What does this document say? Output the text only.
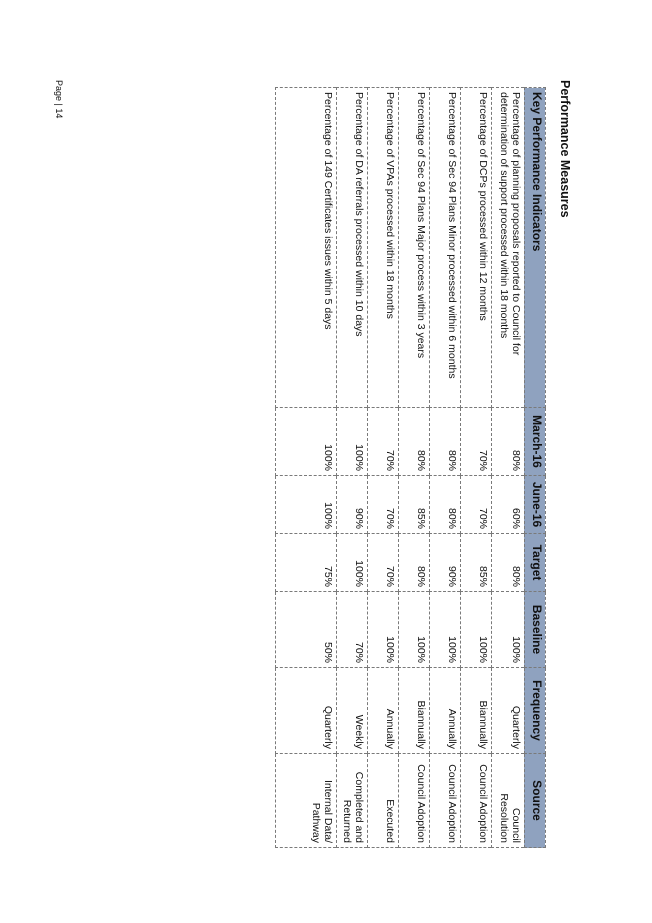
Performance Measures
Key Performance Indicators	March-16	June-16	Target	Baseline	Frequency	Source
Percentage of planning proposals reported to Council for determination of support processed within 18 months	80%	60%	80%	100%	Quarterly	Council Resolution
Percentage of DCPs processed within 12 months	70%	70%	85%	100%	Biannually	Council Adoption
Percentage of Sec 94 Plans Minor processed within 6 months	80%	80%	90%	100%	Annually	Council Adoption
Percentage of Sec 94 Plans Major process within 3 years	80%	85%	80%	100%	Biannually	Council Adoption
Percentage of VPAs processed within 18 months	70%	70%	70%	100%	Annually	Executed
Percentage of DA referrals processed within 10 days	100%	90%	100%	70%	Weekly	Completed and Returned
Percentage of 149 Certificates issues within 5 days	100%	100%	75%	50%	Quarterly	Internal Data/ Pathway
Page | 14
